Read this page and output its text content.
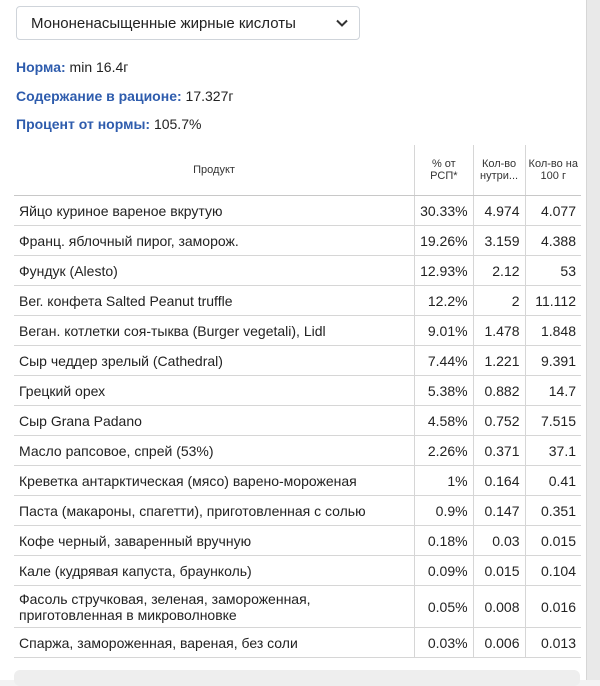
Мононенасыщенные жирные кислоты
Норма: min 16.4г
Содержание в рационе: 17.327г
Процент от нормы: 105.7%
Продукт	% от РСП*	Кол-во нутри...	Кол-во на 100 г
Яйцо куриное вареное вкрутую	30.33%	4.974	4.077
Франц. яблочный пирог, заморож.	19.26%	3.159	4.388
Фундук (Alesto)	12.93%	2.12	53
Вег. конфета Salted Peanut truffle	12.2%	2	11.112
Веган. котлетки соя-тыква (Burger vegetali), Lidl	9.01%	1.478	1.848
Сыр чеддер зрелый (Cathedral)	7.44%	1.221	9.391
Грецкий орех	5.38%	0.882	14.7
Сыр Grana Padano	4.58%	0.752	7.515
Масло рапсовое, спрей (53%)	2.26%	0.371	37.1
Креветка антарктическая (мясо) варено-мороженая	1%	0.164	0.41
Паста (макароны, спагетти), приготовленная с солью	0.9%	0.147	0.351
Кофе черный, заваренный вручную	0.18%	0.03	0.015
Кале (кудрявая капуста, браунколь)	0.09%	0.015	0.104
Фасоль стручковая, зеленая, замороженная, приготовленная в микроволновке	0.05%	0.008	0.016
Спаржа, замороженная, вареная, без соли	0.03%	0.006	0.013
